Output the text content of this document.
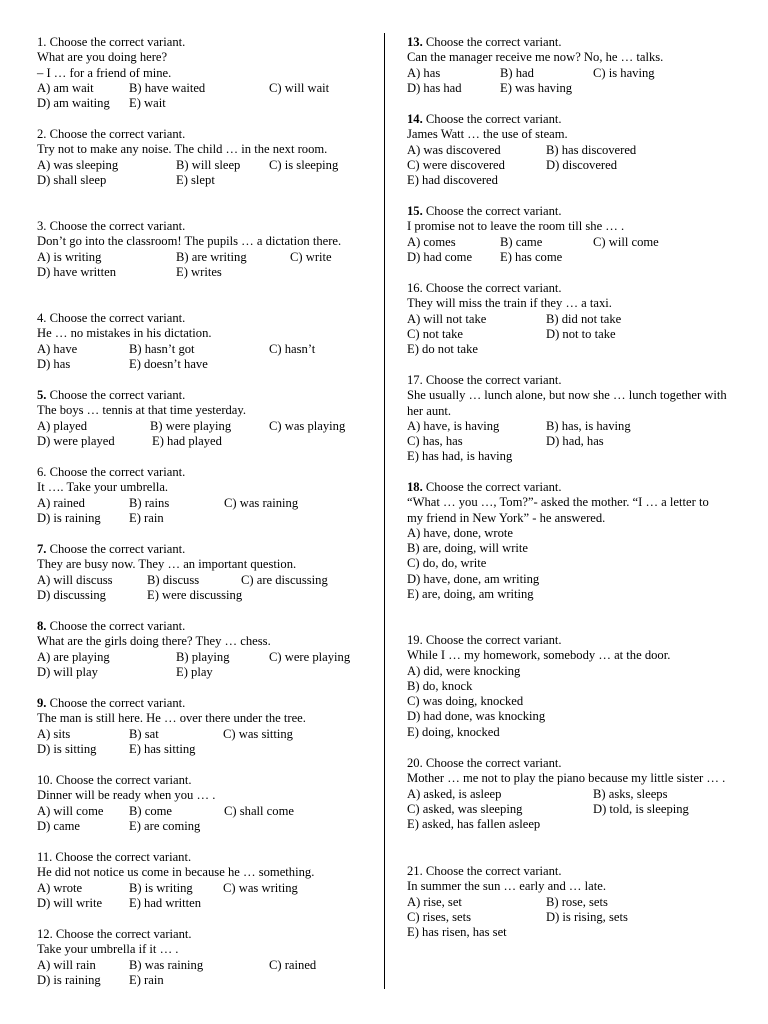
1. Choose the correct variant.
What are you doing here?
– I … for a friend of mine.
A) am wait	B) have waited	C) will wait
D) am waiting E) wait
2. Choose the correct variant.
Try not to make any noise. The child … in the next room.
A) was sleeping	B) will sleep C) is sleeping
D) shall sleep	E) slept
3. Choose the correct variant.
Don’t go into the classroom! The pupils … a dictation there.
A) is writing	B) are writing	C) write
D) have written	E) writes
4. Choose the correct variant.
He … no mistakes in his dictation.
A) have	B) hasn’t got	C) hasn’t
D) has	E) doesn’t have
5. Choose the correct variant.
The boys … tennis at that time yesterday.
A) played	B) were playing	C) was playing
D) were played	E) had played
6. Choose the correct variant.
It …. Take your umbrella.
A) rained	B) rains	C) was raining
D) is raining E) rain
7. Choose the correct variant.
They are busy now. They … an important question.
A) will discuss	B) discuss	C) are discussing
D) discussing	E) were discussing
8. Choose the correct variant.
What are the girls doing there? They … chess.
A) are playing	B) playing	C) were playing
D) will play	E) play
9. Choose the correct variant.
The man is still here. He … over there under the tree.
A) sits	B) sat	C) was sitting
D) is sitting	E) has sitting
10. Choose the correct variant.
Dinner will be ready when you … .
A) will come B) come	C) shall come
D) came	E) are coming
11. Choose the correct variant.
He did not notice us come in because he … something.
A) wrote	B) is writing C) was writing
D) will write E) had written
12. Choose the correct variant.
Take your umbrella if it … .
A) will rain	B) was raining	C) rained
D) is raining E) rain
13. Choose the correct variant.
Can the manager receive me now? No, he … talks.
A) has	B) had	C) is having
D) has had	E) was having
14. Choose the correct variant.
James Watt … the use of steam.
A) was discovered	B) has discovered
C) were discovered	D) discovered
E) had discovered
15. Choose the correct variant.
I promise not to leave the room till she … .
A) comes	B) came	C) will come
D) had come E) has come
16. Choose the correct variant.
They will miss the train if they … a taxi.
A) will not take	B) did not take
C) not take	D) not to take
E) do not take
17. Choose the correct variant.
She usually … lunch alone, but now she … lunch together with her aunt.
A) have, is having	B) has, is having
C) has, has	D) had, has
E) has had, is having
18. Choose the correct variant.
“What … you …, Tom?”- asked the mother. “I … a letter to my friend in New York” - he answered.
A) have, done, wrote
B) are, doing, will write
C) do, do, write
D) have, done, am writing
E) are, doing, am writing
19. Choose the correct variant.
While I … my homework, somebody … at the door.
A) did, were knocking
B) do, knock
C) was doing, knocked
D) had done, was knocking
E) doing, knocked
20. Choose the correct variant.
Mother … me not to play the piano because my little sister … .
A) asked, is asleep	B) asks, sleeps
C) asked, was sleeping	D) told, is sleeping
E) asked, has fallen asleep
21. Choose the correct variant.
In summer the sun … early and … late.
A) rise, set	B) rose, sets
C) rises, sets	D) is rising, sets
E) has risen, has set
